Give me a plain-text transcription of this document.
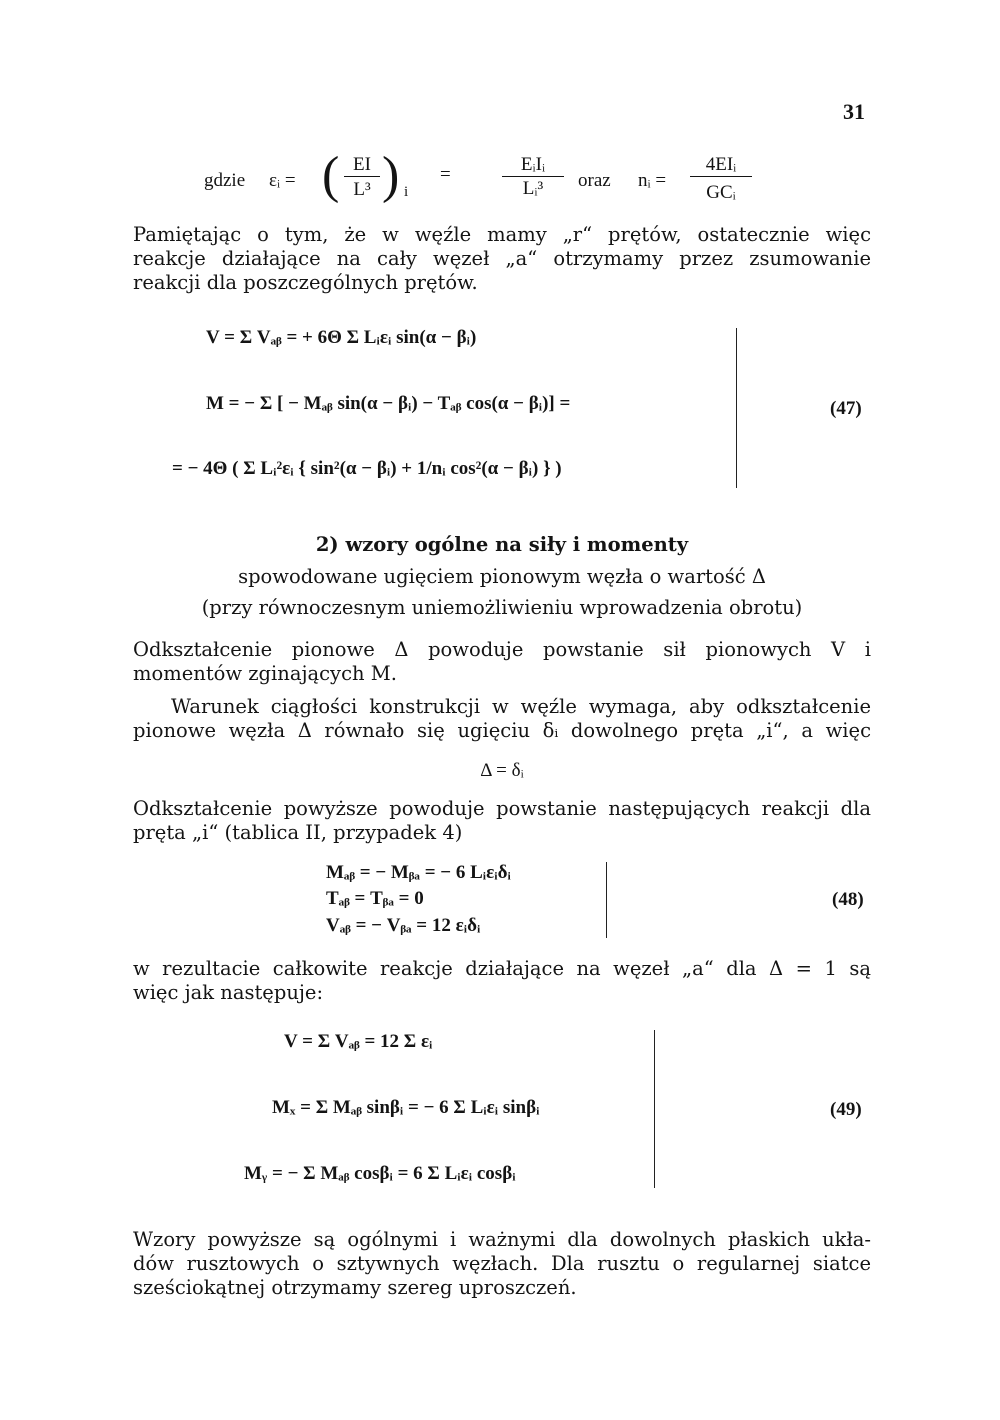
31
gdzie εᵢ = ( EI
L³ ) i
=	EᵢIᵢ
Lᵢ³	oraz nᵢ =
4EIᵢ
GCᵢ
Pamiętając o tym, że w węźle mamy „r“ prętów, ostatecznie więc
reakcje działające na cały węzeł „a“ otrzymamy przez zsumowanie
reakcji dla poszczególnych prętów.
V = Σ Vₐᵦ = + 6Θ Σ Lᵢεᵢ sin(α − βᵢ)
M = − Σ [ − Mₐᵦ sin(α − βᵢ) − Tₐᵦ cos(α − βᵢ)] =
= − 4Θ ( Σ Lᵢ²εᵢ { sin²(α − βᵢ) + 1/nᵢ cos²(α − βᵢ) } )
(47)
2) wzory ogólne na siły i momenty
spowodowane ugięciem pionowym węzła o wartość Δ
(przy równoczesnym uniemożliwieniu wprowadzenia obrotu)
Odkształcenie pionowe Δ powoduje powstanie sił pionowych V i
momentów zginających M.
Warunek ciągłości konstrukcji w węźle wymaga, aby odkształcenie
pionowe węzła Δ równało się ugięciu δᵢ dowolnego pręta „i“, a więc
Δ = δᵢ
Odkształcenie powyższe powoduje powstanie następujących reakcji dla
pręta „i“ (tablica II, przypadek 4)
Mₐᵦ = − Mᵦₐ = − 6 Lᵢεᵢδᵢ
Tₐᵦ = Tᵦₐ = 0
Vₐᵦ = − Vᵦₐ = 12 εᵢδᵢ
(48)
w rezultacie całkowite reakcje działające na węzeł „a“ dla Δ = 1 są
więc jak następuje:
V = Σ Vₐᵦ = 12 Σ εᵢ
Mₓ = Σ Mₐᵦ sinβᵢ = − 6 Σ Lᵢεᵢ sinβᵢ
Mᵧ = − Σ Mₐᵦ cosβᵢ = 6 Σ Lᵢεᵢ cosβᵢ
(49)
Wzory powyższe są ogólnymi i ważnymi dla dowolnych płaskich ukła-
dów rusztowych o sztywnych węzłach. Dla rusztu o regularnej siatce
sześciokątnej otrzymamy szereg uproszczeń.
